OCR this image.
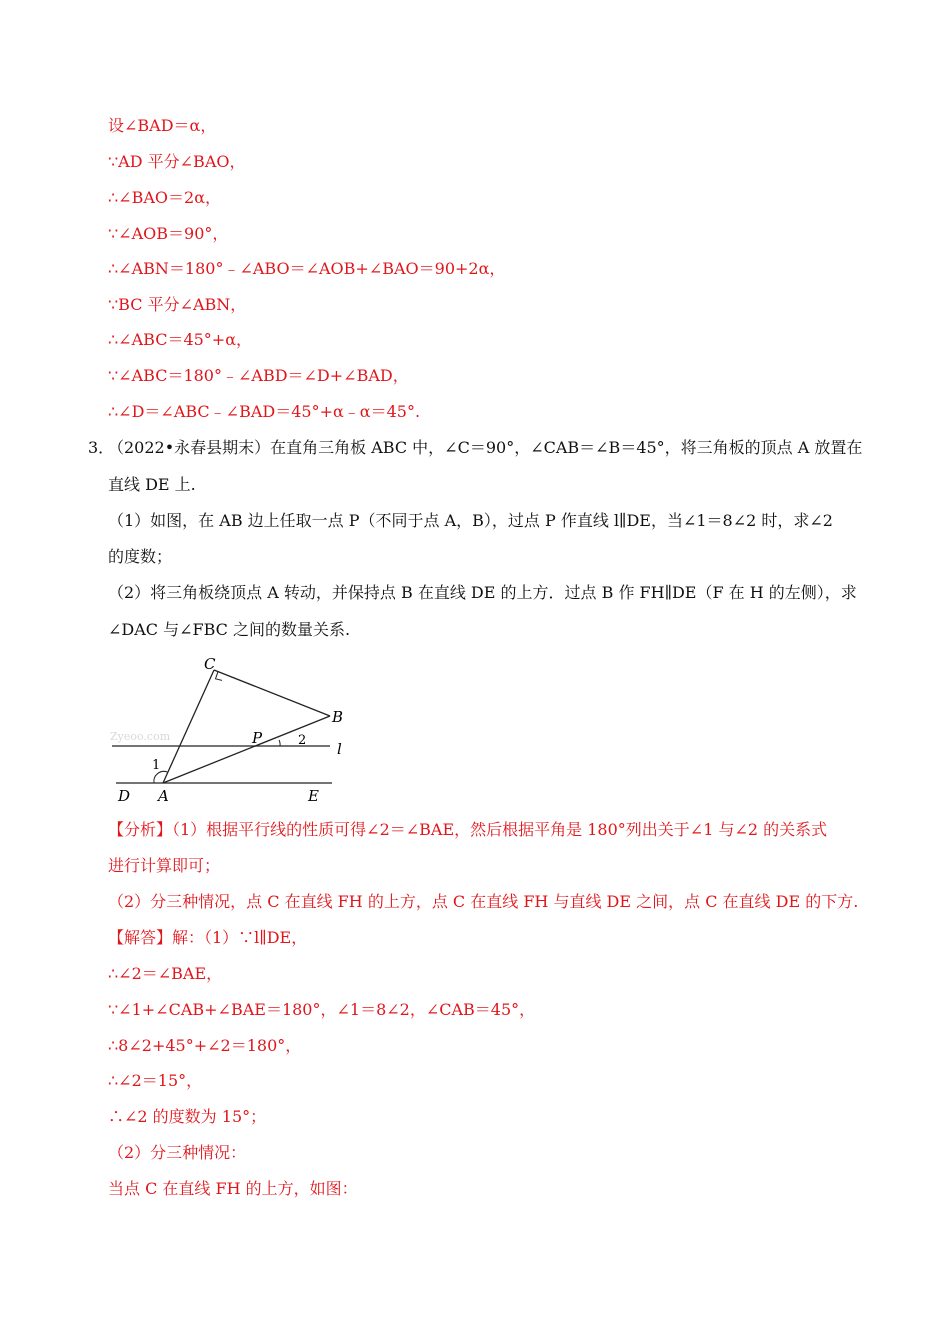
设∠BAD＝α，
∵AD 平分∠BAO，
∴∠BAO＝2α，
∵∠AOB＝90°，
∴∠ABN＝180°﹣∠ABO＝∠AOB+∠BAO＝90+2α，
∵BC 平分∠ABN，
∴∠ABC＝45°+α，
∵∠ABC＝180°﹣∠ABD＝∠D+∠BAD，
∴∠D＝∠ABC﹣∠BAD＝45°+α﹣α＝45°.
3．
（2022•永春县期末）在直角三角板 ABC 中，∠C＝90°，∠CAB＝∠B＝45°，将三角板的顶点 A 放置在
直线 DE 上.
（1）如图，在 AB 边上任取一点 P（不同于点 A，B），过点 P 作直线 l∥DE，当∠1＝8∠2 时，求∠2
的度数；
（2）将三角板绕顶点 A 转动，并保持点 B 在直线 DE 的上方．过点 B 作 FH∥DE（F 在 H 的左侧），求
∠DAC 与∠FBC 之间的数量关系.
Zyeoo.com
C
B
P	2 l
1
D A	E
【分析】（1）根据平行线的性质可得∠2＝∠BAE，然后根据平角是 180°列出关于∠1 与∠2 的关系式
进行计算即可；
（2）分三种情况，点 C 在直线 FH 的上方，点 C 在直线 FH 与直线 DE 之间，点 C 在直线 DE 的下方.
【解答】解：（1）∵l∥DE，
∴∠2＝∠BAE，
∵∠1+∠CAB+∠BAE＝180°，∠1＝8∠2，∠CAB＝45°，
∴8∠2+45°+∠2＝180°，
∴∠2＝15°，
∴∠2 的度数为 15°；
（2）分三种情况：
当点 C 在直线 FH 的上方，如图：
